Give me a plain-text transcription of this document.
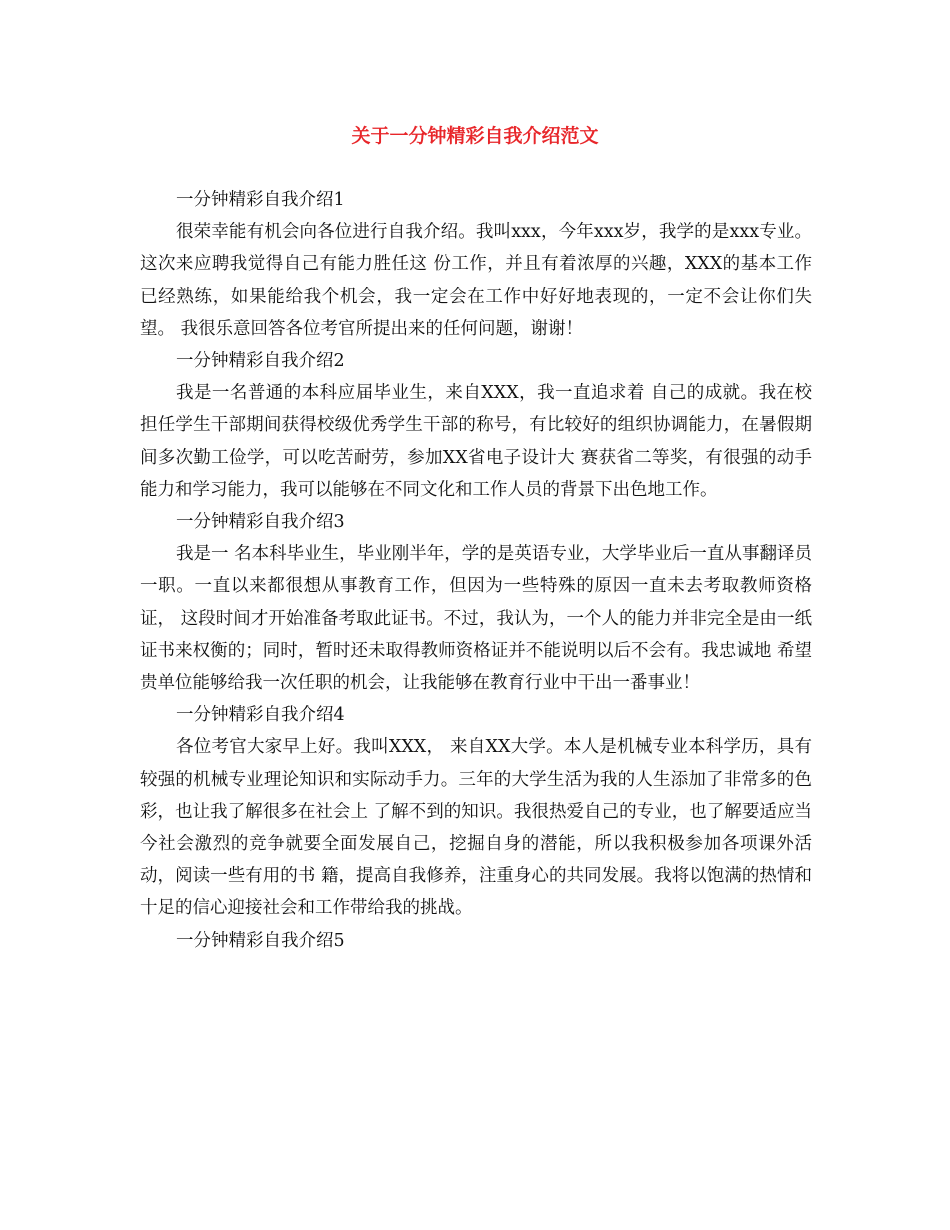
关于一分钟精彩自我介绍范文

一分钟精彩自我介绍1

很荣幸能有机会向各位进行自我介绍。我叫xxx，今年xxx岁，我学的是xxx专业。这次来应聘我觉得自己有能力胜任这 份工作，并且有着浓厚的兴趣，XXX的基本工作已经熟练，如果能给我个机会，我一定会在工作中好好地表现的，一定不会让你们失望。 我很乐意回答各位考官所提出来的任何问题，谢谢！

一分钟精彩自我介绍2

我是一名普通的本科应届毕业生，来自XXX，我一直追求着 自己的成就。我在校担任学生干部期间获得校级优秀学生干部的称号，有比较好的组织协调能力，在暑假期间多次勤工俭学，可以吃苦耐劳，参加XX省电子设计大 赛获省二等奖，有很强的动手能力和学习能力，我可以能够在不同文化和工作人员的背景下出色地工作。

一分钟精彩自我介绍3

我是一 名本科毕业生，毕业刚半年，学的是英语专业，大学毕业后一直从事翻译员一职。一直以来都很想从事教育工作，但因为一些特殊的原因一直未去考取教师资格证， 这段时间才开始准备考取此证书。不过，我认为，一个人的能力并非完全是由一纸证书来权衡的；同时，暂时还未取得教师资格证并不能说明以后不会有。我忠诚地 希望贵单位能够给我一次任职的机会，让我能够在教育行业中干出一番事业！

一分钟精彩自我介绍4

各位考官大家早上好。我叫XXX， 来自XX大学。本人是机械专业本科学历，具有较强的机械专业理论知识和实际动手力。三年的大学生活为我的人生添加了非常多的色彩，也让我了解很多在社会上 了解不到的知识。我很热爱自己的专业，也了解要适应当今社会激烈的竞争就要全面发展自己，挖掘自身的潜能，所以我积极参加各项课外活动，阅读一些有用的书 籍，提高自我修养，注重身心的共同发展。我将以饱满的热情和十足的信心迎接社会和工作带给我的挑战。

一分钟精彩自我介绍5
